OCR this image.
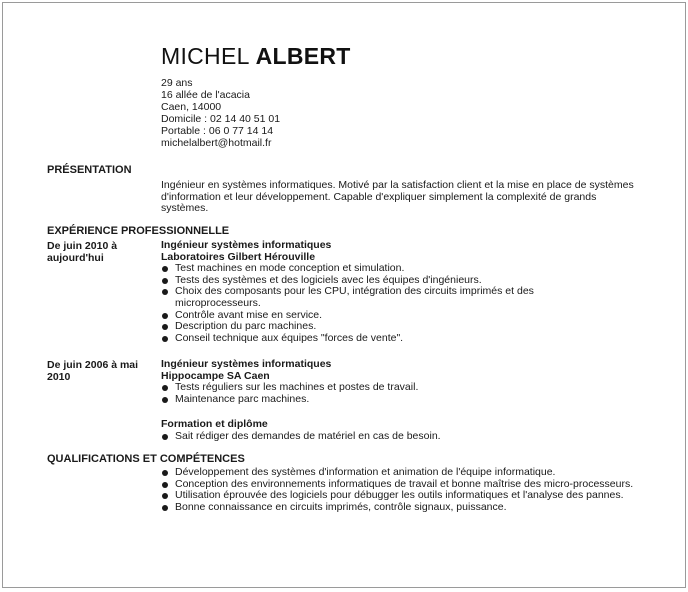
MICHEL ALBERT
29 ans
16 allée de l'acacia
Caen, 14000
Domicile : 02 14 40 51 01
Portable : 06 0 77 14 14
michelalbert@hotmail.fr
PRÉSENTATION
Ingénieur en systèmes informatiques. Motivé par la satisfaction client et la mise en place de systèmes d'information et leur développement. Capable d'expliquer simplement la complexité de grands systèmes.
EXPÉRIENCE PROFESSIONNELLE
De juin 2010 à aujourd'hui
Ingénieur systèmes informatiques
Laboratoires Gilbert Hérouville
Test machines en mode conception et simulation.
Tests des systèmes et des logiciels avec les équipes d'ingénieurs.
Choix des composants pour les CPU, intégration des circuits imprimés et des microprocesseurs.
Contrôle avant mise en service.
Description du parc machines.
Conseil technique aux équipes "forces de vente".
De juin 2006 à mai 2010
Ingénieur systèmes informatiques
Hippocampe SA Caen
Tests réguliers sur les machines et postes de travail.
Maintenance parc machines.
Formation et diplôme
Sait rédiger des demandes de matériel en cas de besoin.
QUALIFICATIONS ET COMPÉTENCES
Développement des systèmes d'information et animation de l'équipe informatique.
Conception des environnements informatiques de travail et bonne maîtrise des micro-processeurs.
Utilisation éprouvée des logiciels pour débugger les outils informatiques et l'analyse des pannes.
Bonne connaissance en circuits imprimés, contrôle signaux, puissance.
